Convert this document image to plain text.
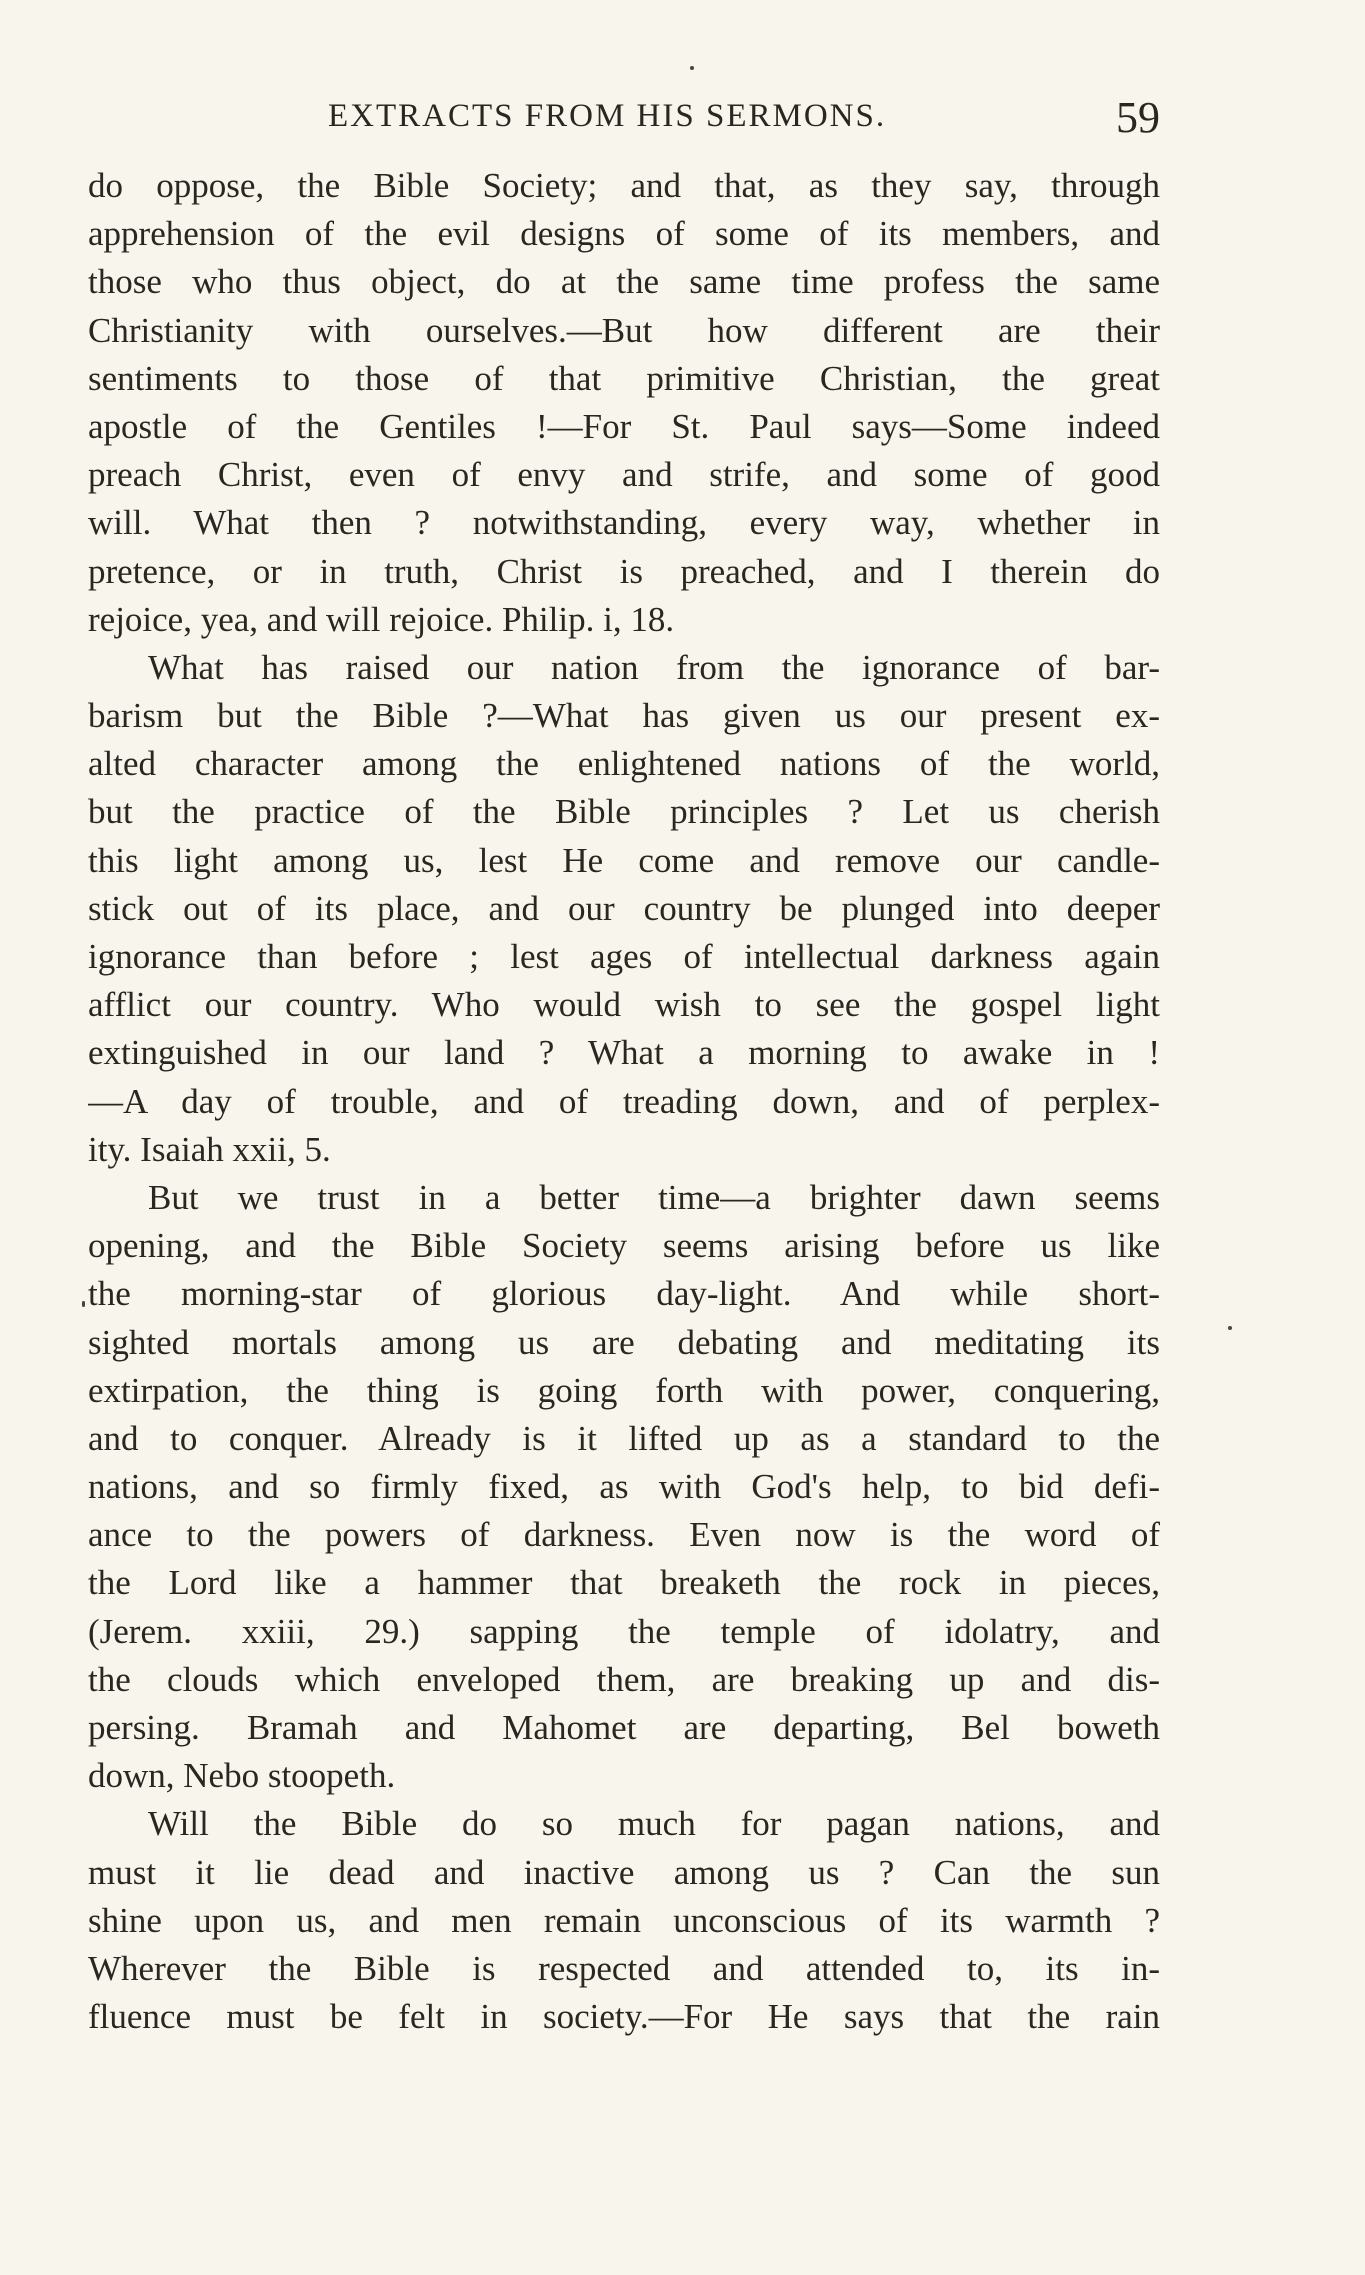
EXTRACTS FROM HIS SERMONS.	59
do oppose, the Bible Society; and that, as they say, through
apprehension of the evil designs of some of its members, and
those who thus object, do at the same time profess the same
Christianity with ourselves.—But how different are their
sentiments to those of that primitive Christian, the great
apostle of the Gentiles !—For St. Paul says—Some indeed
preach Christ, even of envy and strife, and some of good
will. What then ? notwithstanding, every way, whether in
pretence, or in truth, Christ is preached, and I therein do
rejoice, yea, and will rejoice. Philip. i, 18.
What has raised our nation from the ignorance of bar-
barism but the Bible ?—What has given us our present ex-
alted character among the enlightened nations of the world,
but the practice of the Bible principles ? Let us cherish
this light among us, lest He come and remove our candle-
stick out of its place, and our country be plunged into deeper
ignorance than before ; lest ages of intellectual darkness again
afflict our country. Who would wish to see the gospel light
extinguished in our land ? What a morning to awake in !
—A day of trouble, and of treading down, and of perplex-
ity. Isaiah xxii, 5.
But we trust in a better time—a brighter dawn seems
opening, and the Bible Society seems arising before us like
the morning-star of glorious day-light. And while short-
sighted mortals among us are debating and meditating its
extirpation, the thing is going forth with power, conquering,
and to conquer. Already is it lifted up as a standard to the
nations, and so firmly fixed, as with God's help, to bid defi-
ance to the powers of darkness. Even now is the word of
the Lord like a hammer that breaketh the rock in pieces,
(Jerem. xxiii, 29.) sapping the temple of idolatry, and
the clouds which enveloped them, are breaking up and dis-
persing. Bramah and Mahomet are departing, Bel boweth
down, Nebo stoopeth.
Will the Bible do so much for pagan nations, and
must it lie dead and inactive among us ? Can the sun
shine upon us, and men remain unconscious of its warmth ?
Wherever the Bible is respected and attended to, its in-
fluence must be felt in society.—For He says that the rain
